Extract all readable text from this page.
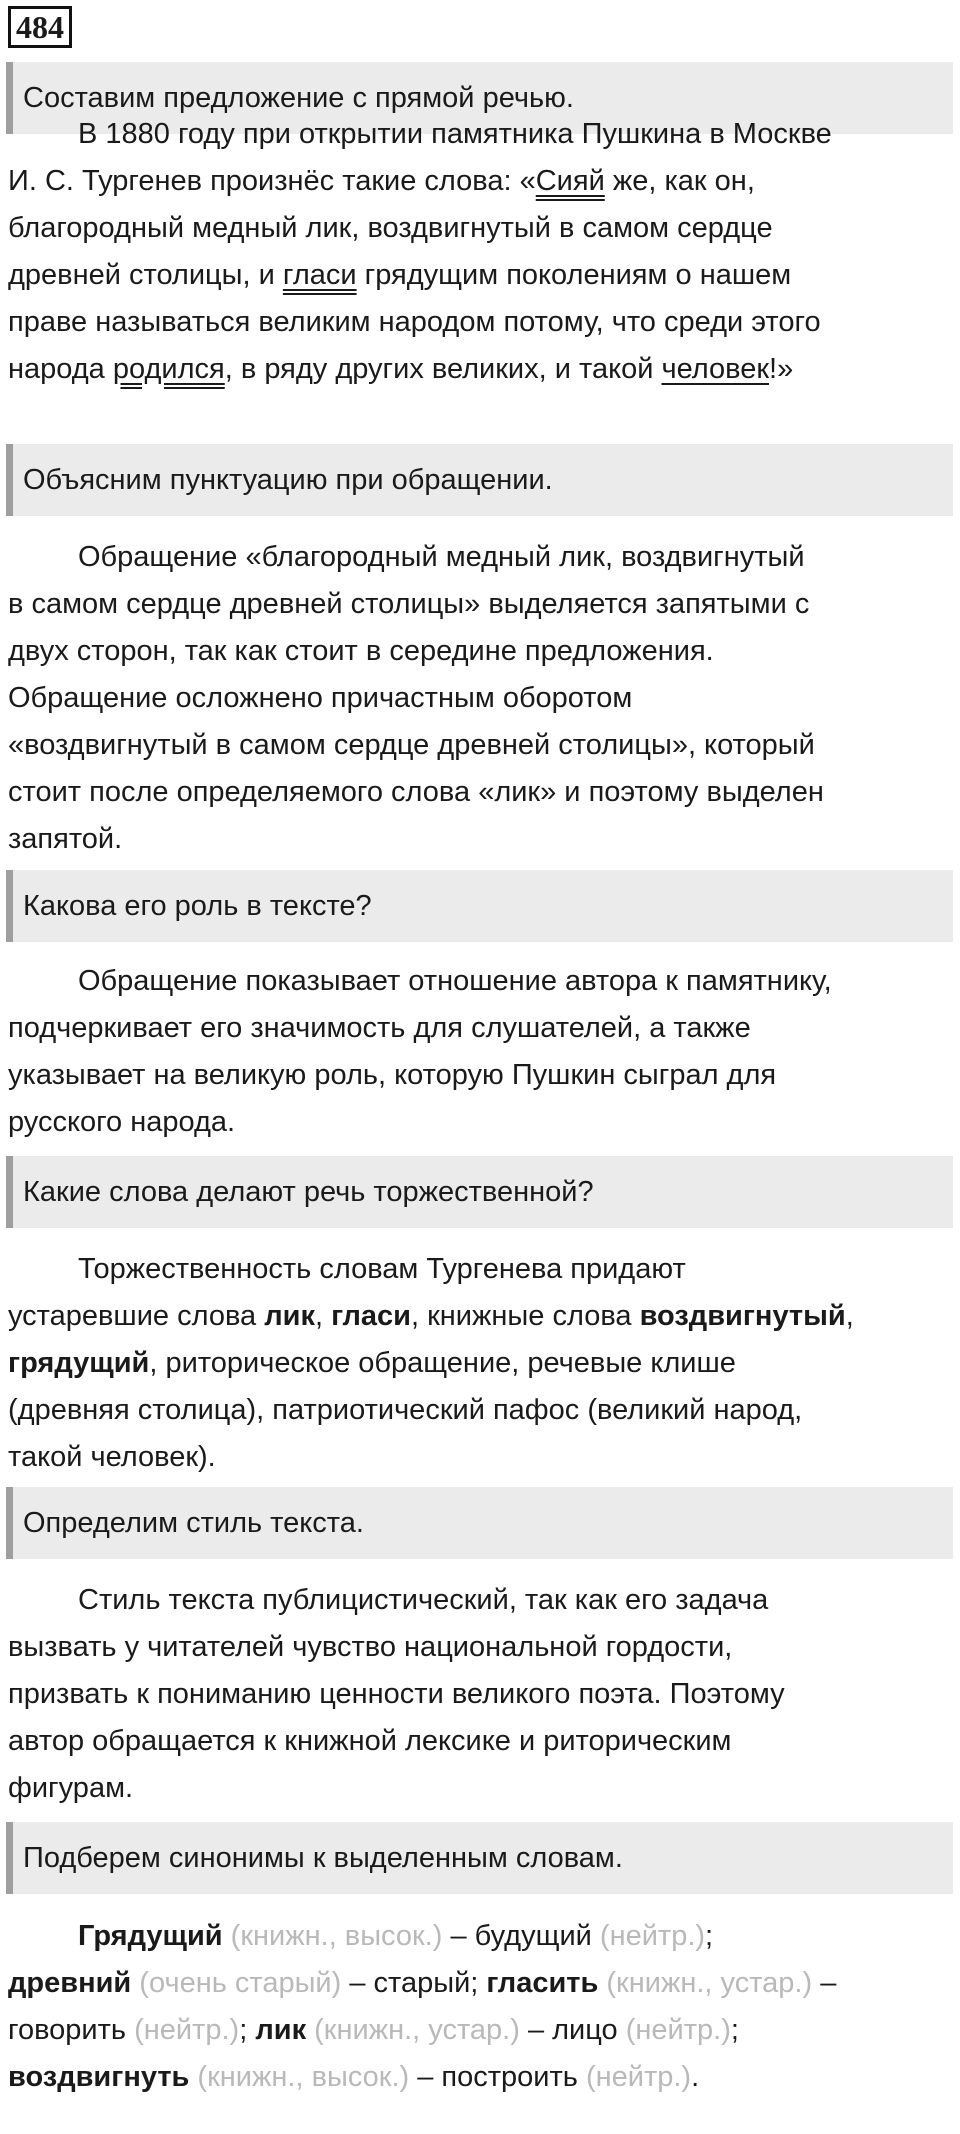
484
Составим предложение с прямой речью.
В 1880 году при открытии памятника Пушкина в Москве
И. С. Тургенев произнёс такие слова: «Сияй же, как он,
благородный медный лик, воздвигнутый в самом сердце
древней столицы, и гласи грядущим поколениям о нашем
праве называться великим народом потому, что среди этого
народа родился, в ряду других великих, и такой человек!»
Объясним пунктуацию при обращении.
Обращение «благородный медный лик, воздвигнутый
в самом сердце древней столицы» выделяется запятыми с
двух сторон, так как стоит в середине предложения.
Обращение осложнено причастным оборотом
«воздвигнутый в самом сердце древней столицы», который
стоит после определяемого слова «лик» и поэтому выделен
запятой.
Какова его роль в тексте?
Обращение показывает отношение автора к памятнику,
подчеркивает его значимость для слушателей, а также
указывает на великую роль, которую Пушкин сыграл для
русского народа.
Какие слова делают речь торжественной?
Торжественность словам Тургенева придают
устаревшие слова лик, гласи, книжные слова воздвигнутый,
грядущий, риторическое обращение, речевые клише
(древняя столица), патриотический пафос (великий народ,
такой человек).
Определим стиль текста.
Стиль текста публицистический, так как его задача
вызвать у читателей чувство национальной гордости,
призвать к пониманию ценности великого поэта. Поэтому
автор обращается к книжной лексике и риторическим
фигурам.
Подберем синонимы к выделенным словам.
Грядущий (книжн., высок.) – будущий (нейтр.);
древний (очень старый) – старый; гласить (книжн., устар.) –
говорить (нейтр.); лик (книжн., устар.) – лицо (нейтр.);
воздвигнуть (книжн., высок.) – построить (нейтр.).
